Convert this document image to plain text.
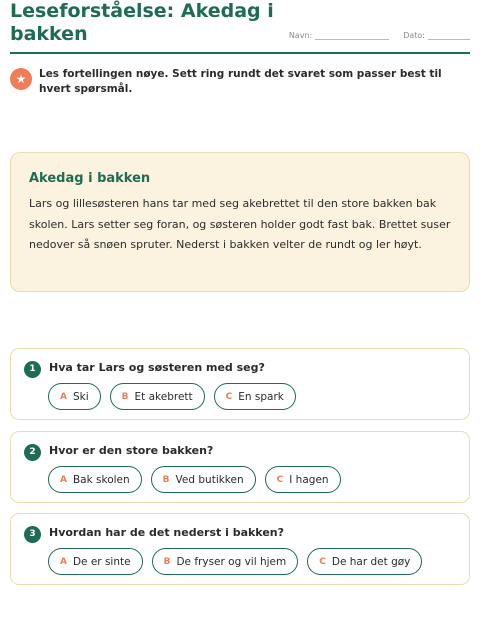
Leseforståelse: Akedag i bakken	Navn:	Dato:
★	Les fortellingen nøye. Sett ring rundt det svaret som passer best til hvert spørsmål.
Akedag i bakken
Lars og lillesøsteren hans tar med seg akebrettet til den store bakken bak skolen. Lars setter seg foran, og søsteren holder godt fast bak. Brettet suser nedover så snøen spruter. Nederst i bakken velter de rundt og ler høyt.
1	Hva tar Lars og søsteren med seg?
A Ski	B Et akebrett	C En spark
2	Hvor er den store bakken?
A Bak skolen	B Ved butikken	C I hagen
3	Hvordan har de det nederst i bakken?
A De er sinte	B De fryser og vil hjem	C De har det gøy
